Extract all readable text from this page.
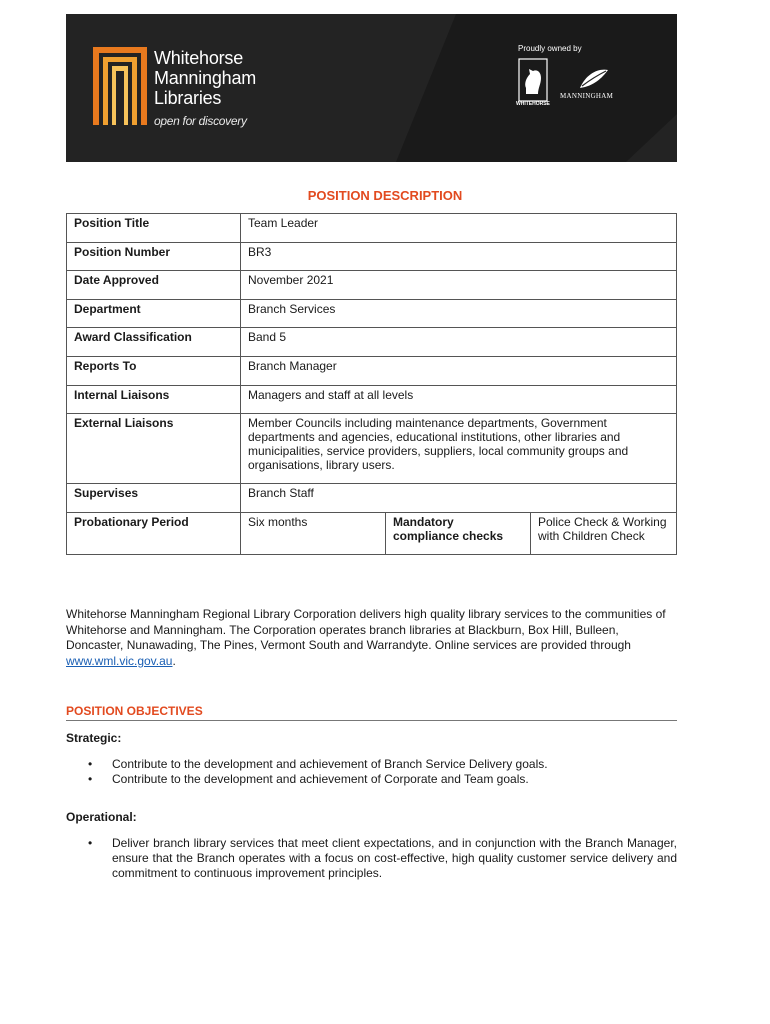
Whitehorse
Manningham
Libraries
open for discovery
Proudly owned by
WHITEHORSE
MANNINGHAM
POSITION DESCRIPTION
Position Title	Team Leader		
Position Number	BR3		
Date Approved	November 2021		
Department	Branch Services		
Award Classification	Band 5		
Reports To	Branch Manager		
Internal Liaisons	Managers and staff at all levels		
External Liaisons	Member Councils including maintenance departments, Government departments and agencies, educational institutions, other libraries and municipalities, service providers, suppliers, local community groups and organisations, library users.		
Supervises	Branch Staff		
Probationary Period	Six months	Mandatory compliance checks	Police Check & Working with Children Check
Whitehorse Manningham Regional Library Corporation delivers high quality library services to the communities of Whitehorse and Manningham. The Corporation operates branch libraries at Blackburn, Box Hill, Bulleen, Doncaster, Nunawading, The Pines, Vermont South and Warrandyte. Online services are provided through www.wml.vic.gov.au.
POSITION OBJECTIVES
Strategic:
• Contribute to the development and achievement of Branch Service Delivery goals.
• Contribute to the development and achievement of Corporate and Team goals.
Operational:
• Deliver branch library services that meet client expectations, and in conjunction with the Branch Manager, ensure that the Branch operates with a focus on cost-effective, high quality customer service delivery and commitment to continuous improvement principles.
